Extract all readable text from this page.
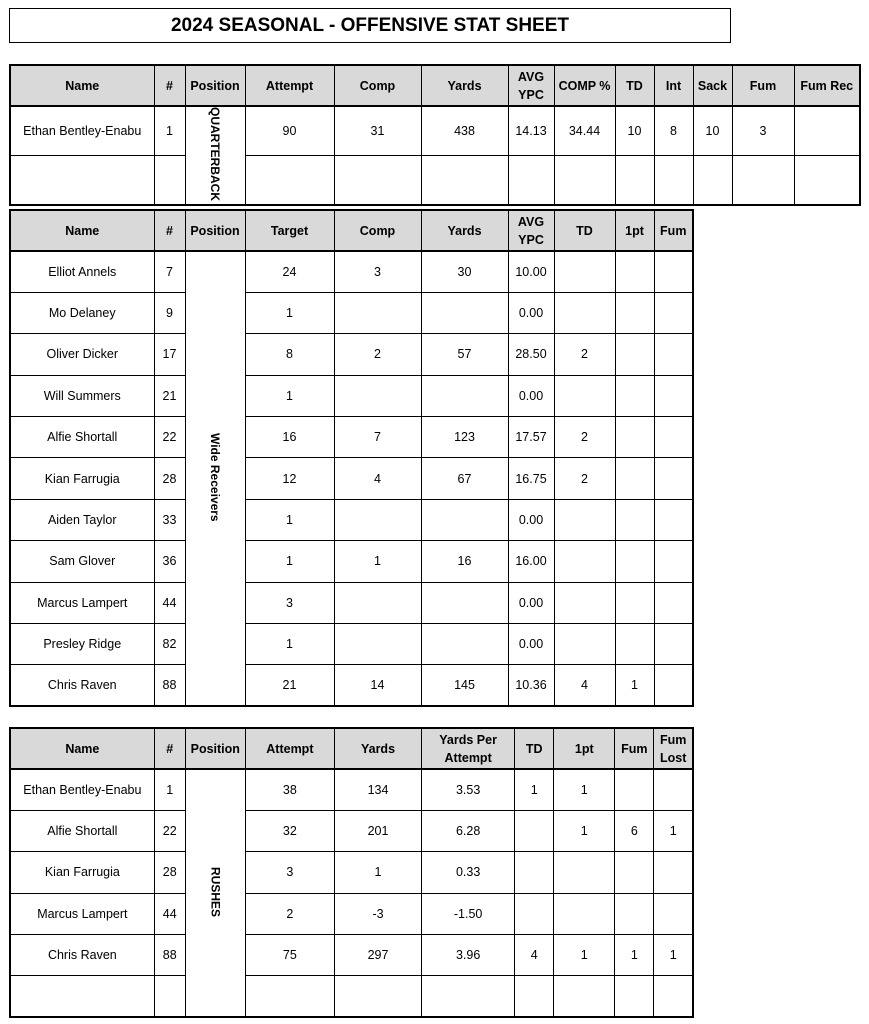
2024 SEASONAL - OFFENSIVE STAT SHEET
Name	#	Position	Attempt	Comp	Yards	AVG YPC	COMP %	TD	Int	Sack	Fum	Fum Rec
Ethan Bentley-Enabu	1	QUARTERBACK	90	31	438	14.13	34.44	10	8	10	3	

Name	#	Position	Target	Comp	Yards	AVG YPC	TD	1pt	Fum
Elliot Annels	7	Wide Receivers	24	3	30	10.00			
Mo Delaney	9		1			0.00			
Oliver Dicker	17		8	2	57	28.50	2		
Will Summers	21		1			0.00			
Alfie Shortall	22		16	7	123	17.57	2		
Kian Farrugia	28		12	4	67	16.75	2		
Aiden Taylor	33		1			0.00			
Sam Glover	36		1	1	16	16.00			
Marcus Lampert	44		3			0.00			
Presley Ridge	82		1			0.00			
Chris Raven	88		21	14	145	10.36	4	1	
Name	#	Position	Attempt	Yards	Yards Per Attempt	TD	1pt	Fum	Fum Lost
Ethan Bentley-Enabu	1	RUSHES	38	134	3.53	1	1		
Alfie Shortall	22		32	201	6.28		1	6	1
Kian Farrugia	28		3	1	0.33				
Marcus Lampert	44		2	-3	-1.50				
Chris Raven	88		75	297	3.96	4	1	1	1
